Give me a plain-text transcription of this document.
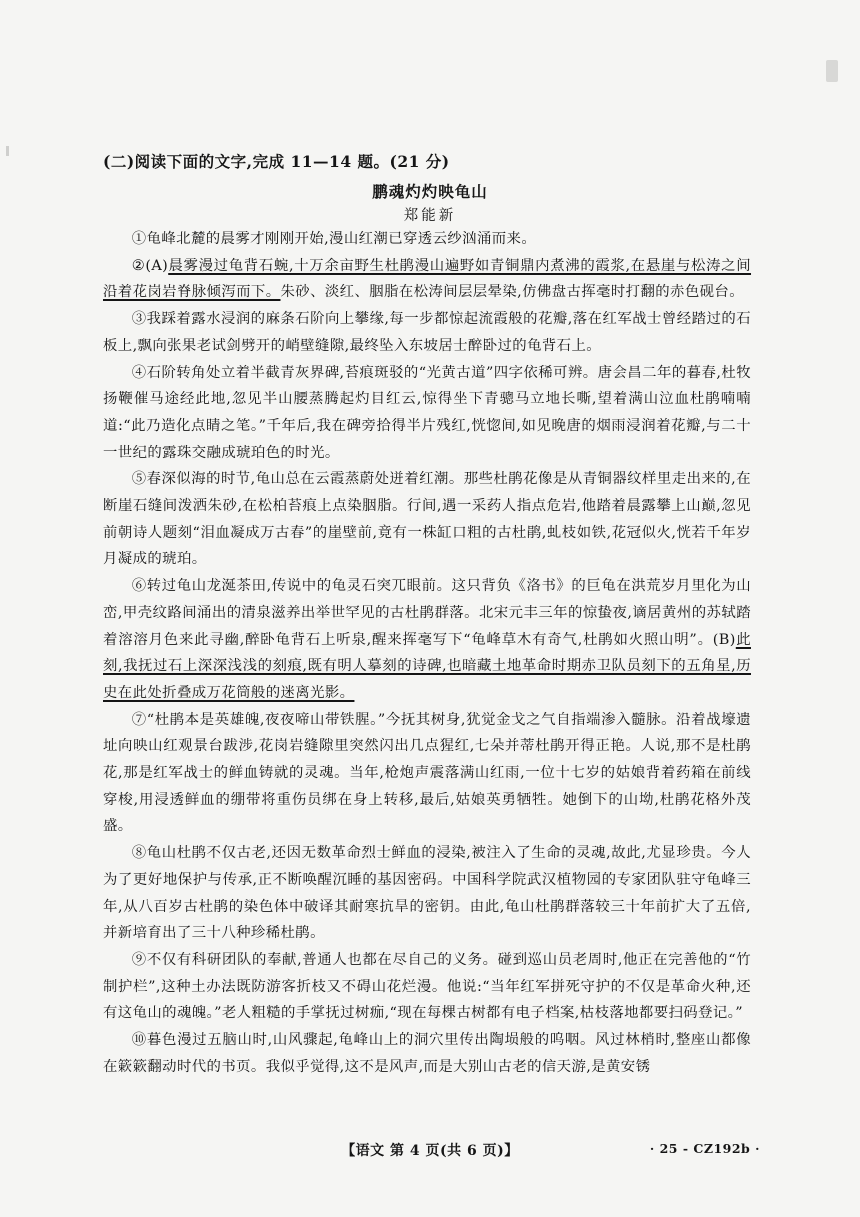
(二)阅读下面的文字,完成 11—14 题。(21 分)
鹏魂灼灼映龟山
郑能新

①龟峰北麓的晨雾才刚刚开始,漫山红潮已穿透云纱汹涌而来。

②(A)晨雾漫过龟背石蜿,十万余亩野生杜鹃漫山遍野如青铜鼎内煮沸的霞浆,在悬崖与松涛之间沿着花岗岩脊脉倾泻而下。朱砂、淡红、胭脂在松涛间层层晕染,仿佛盘古挥毫时打翻的赤色砚台。

③我踩着露水浸润的麻条石阶向上攀缘,每一步都惊起流霞般的花瓣,落在红军战士曾经踏过的石板上,飘向张果老试剑劈开的峭壁缝隙,最终坠入东坡居士醉卧过的龟背石上。

④石阶转角处立着半截青灰界碑,苔痕斑驳的“光黄古道”四字依稀可辨。唐会昌二年的暮春,杜牧扬鞭催马途经此地,忽见半山腰蒸腾起灼目红云,惊得坐下青骢马立地长嘶,望着满山泣血杜鹃喃喃道:“此乃造化点睛之笔。”千年后,我在碑旁拾得半片残红,恍惚间,如见晚唐的烟雨浸润着花瓣,与二十一世纪的露珠交融成琥珀色的时光。

⑤春深似海的时节,龟山总在云霞蒸蔚处迸着红潮。那些杜鹃花像是从青铜器纹样里走出来的,在断崖石缝间泼洒朱砂,在松柏苔痕上点染胭脂。行间,遇一采药人指点危岩,他踏着晨露攀上山巅,忽见前朝诗人题刻“泪血凝成万古春”的崖壁前,竟有一株缸口粗的古杜鹃,虬枝如铁,花冠似火,恍若千年岁月凝成的琥珀。

⑥转过龟山龙涎茶田,传说中的龟灵石突兀眼前。这只背负《洛书》的巨龟在洪荒岁月里化为山峦,甲壳纹路间涌出的清泉滋养出举世罕见的古杜鹃群落。北宋元丰三年的惊蛰夜,谪居黄州的苏轼踏着溶溶月色来此寻幽,醉卧龟背石上听泉,醒来挥毫写下“龟峰草木有奇气,杜鹃如火照山明”。(B)此刻,我抚过石上深深浅浅的刻痕,既有明人摹刻的诗碑,也暗藏土地革命时期赤卫队员刻下的五角星,历史在此处折叠成万花筒般的迷离光影。

⑦“杜鹃本是英雄魄,夜夜啼山带铁腥。”今抚其树身,犹觉金戈之气自指端渗入髓脉。沿着战壕遗址向映山红观景台跋涉,花岗岩缝隙里突然闪出几点猩红,七朵并蒂杜鹃开得正艳。人说,那不是杜鹃花,那是红军战士的鲜血铸就的灵魂。当年,枪炮声震落满山红雨,一位十七岁的姑娘背着药箱在前线穿梭,用浸透鲜血的绷带将重伤员绑在身上转移,最后,姑娘英勇牺牲。她倒下的山坳,杜鹃花格外茂盛。

⑧龟山杜鹃不仅古老,还因无数革命烈士鲜血的浸染,被注入了生命的灵魂,故此,尤显珍贵。今人为了更好地保护与传承,正不断唤醒沉睡的基因密码。中国科学院武汉植物园的专家团队驻守龟峰三年,从八百岁古杜鹃的染色体中破译其耐寒抗旱的密钥。由此,龟山杜鹃群落较三十年前扩大了五倍,并新培育出了三十八种珍稀杜鹃。

⑨不仅有科研团队的奉献,普通人也都在尽自己的义务。碰到巡山员老周时,他正在完善他的“竹制护栏”,这种土办法既防游客折枝又不碍山花烂漫。他说:“当年红军拼死守护的不仅是革命火种,还有这龟山的魂魄。”老人粗糙的手掌抚过树痂,“现在每棵古树都有电子档案,枯枝落地都要扫码登记。”

⑩暮色漫过五脑山时,山风骤起,龟峰山上的洞穴里传出陶埙般的呜咽。风过林梢时,整座山都像在簌簌翻动时代的书页。我似乎觉得,这不是风声,而是大别山古老的信天游,是黄安锈

【语文 第 4 页(共 6 页)】	· 25 - CZ192b ·
